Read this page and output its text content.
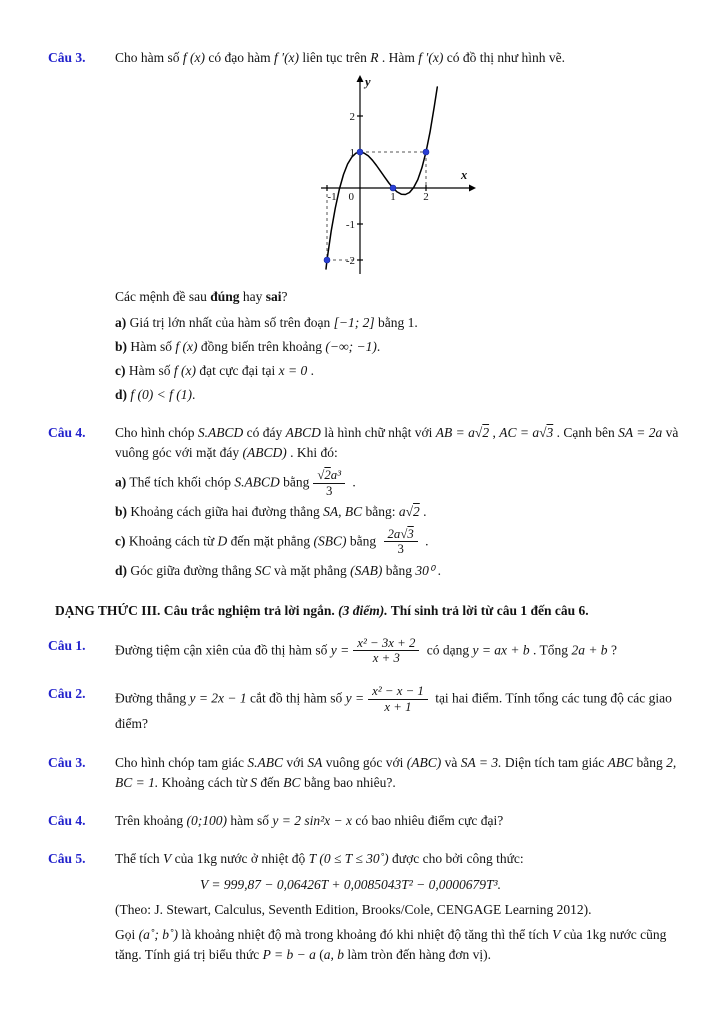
Câu 3.	Cho hàm số f (x) có đạo hàm f ′(x) liên tục trên R . Hàm f ′(x) có đồ thị như hình vẽ.

y
x
2
1
-1
-2
-1 0	1	2

Các mệnh đề sau đúng hay sai?

a) Giá trị lớn nhất của hàm số trên đoạn [−1; 2] bằng 1.

b) Hàm số f (x) đồng biến trên khoảng (−∞; −1).

c) Hàm số f (x) đạt cực đại tại x = 0 .

d) f (0) < f (1).

Câu 4.	Cho hình chóp S.ABCD có đáy ABCD là hình chữ nhật với AB = a√2 , AC = a√3 . Cạnh bên SA = 2a và vuông góc với mặt đáy (ABCD) . Khi đó:

a) Thể tích khối chóp S.ABCD bằng $\frac{\text{√2a³}}{3}$ .

b) Khoảng cách giữa hai đường thẳng SA, BC bằng: a√2 .

c) Khoảng cách từ D đến mặt phẳng (SBC) bằng $\frac{2a√3}{3}$ .

d) Góc giữa đường thẳng SC và mặt phẳng (SAB) bằng 30⁰ .

DẠNG THỨC III. Câu trắc nghiệm trả lời ngắn. (3 điểm). Thí sinh trả lời từ câu 1 đến câu 6.

Câu 1.	Đường tiệm cận xiên của đồ thị hàm số $y = \frac{\text{x² − 3x + 2}}{x + 3}$ có dạng y = ax + b . Tổng 2a + b ?

Câu 2.	Đường thẳng y = 2x − 1 cắt đồ thị hàm số $y = \frac{\text{x² − x − 1}}{x + 1}$ tại hai điểm. Tính tổng các tung độ các giao điểm?

Câu 3.	Cho hình chóp tam giác S.ABC với SA vuông góc với (ABC) và SA = 3. Diện tích tam giác ABC bằng 2, BC = 1. Khoảng cách từ S đến BC bằng bao nhiêu?.

Câu 4.	Trên khoảng (0;100) hàm số y = 2 sin²x − x có bao nhiêu điểm cực đại?

Câu 5.	Thể tích V của 1kg nước ở nhiệt độ T (0 ≤ T ≤ 30˚) được cho bởi công thức:

V = 999,87 − 0,06426T + 0,0085043T² − 0,0000679T³.

(Theo: J. Stewart, Calculus, Seventh Edition, Brooks/Cole, CENGAGE Learning 2012).

Gọi (a˚; b˚) là khoảng nhiệt độ mà trong khoảng đó khi nhiệt độ tăng thì thể tích V của 1kg nước cũng tăng. Tính giá trị biểu thức P = b − a (a, b làm tròn đến hàng đơn vị).
